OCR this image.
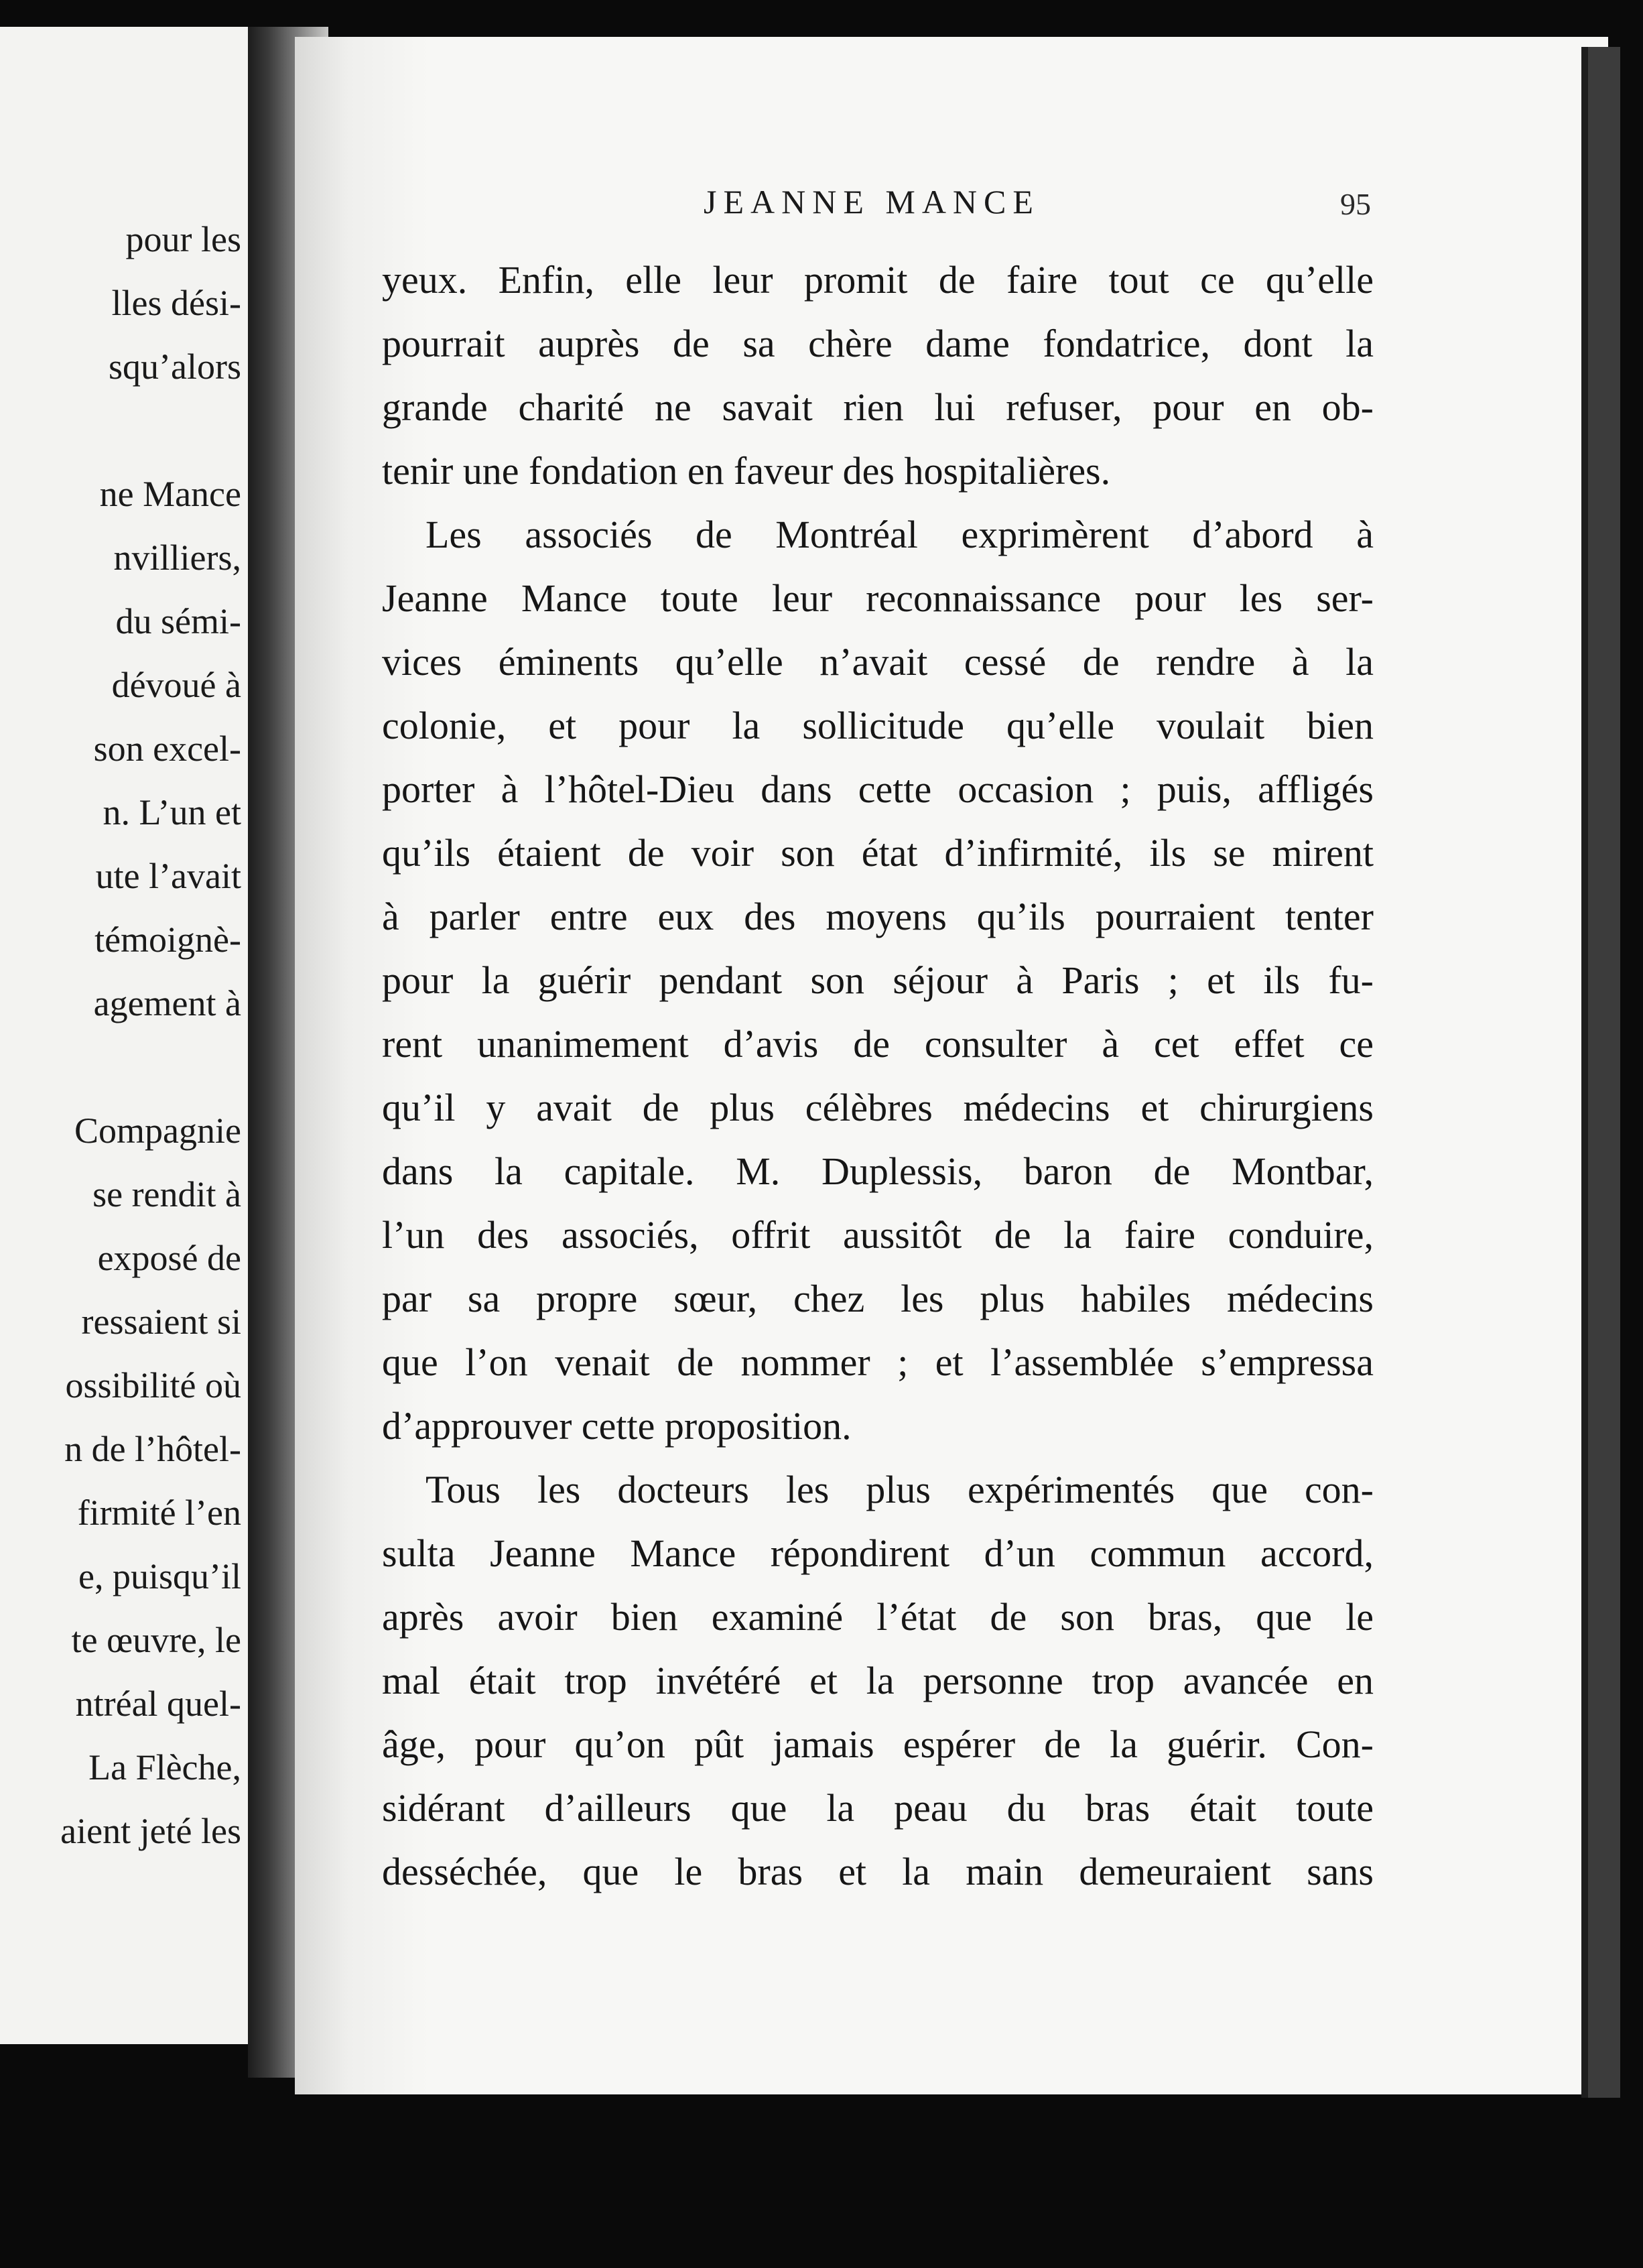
pour les
lles dési-
squ’alors
ne Mance
nvilliers,
du sémi-
dévoué à
son excel-
n. L’un et
ute l’avait
témoignè-
agement à
Compagnie
se rendit à
exposé de
ressaient si
ossibilité où
n de l’hôtel-
firmité l’en
e, puisqu’il
te œuvre, le
ntréal quel-
La Flèche,
aient jeté les
JEANNE MANCE	95
yeux. Enfin, elle leur promit de faire tout ce qu’elle
pourrait auprès de sa chère dame fondatrice, dont la
grande charité ne savait rien lui refuser, pour en ob-
tenir une fondation en faveur des hospitalières.
Les associés de Montréal exprimèrent d’abord à
Jeanne Mance toute leur reconnaissance pour les ser-
vices éminents qu’elle n’avait cessé de rendre à la
colonie, et pour la sollicitude qu’elle voulait bien
porter à l’hôtel-Dieu dans cette occasion ; puis, affligés
qu’ils étaient de voir son état d’infirmité, ils se mirent
à parler entre eux des moyens qu’ils pourraient tenter
pour la guérir pendant son séjour à Paris ; et ils fu-
rent unanimement d’avis de consulter à cet effet ce
qu’il y avait de plus célèbres médecins et chirurgiens
dans la capitale. M. Duplessis, baron de Montbar,
l’un des associés, offrit aussitôt de la faire conduire,
par sa propre sœur, chez les plus habiles médecins
que l’on venait de nommer ; et l’assemblée s’empressa
d’approuver cette proposition.
Tous les docteurs les plus expérimentés que con-
sulta Jeanne Mance répondirent d’un commun accord,
après avoir bien examiné l’état de son bras, que le
mal était trop invétéré et la personne trop avancée en
âge, pour qu’on pût jamais espérer de la guérir. Con-
sidérant d’ailleurs que la peau du bras était toute
desséchée, que le bras et la main demeuraient sans
